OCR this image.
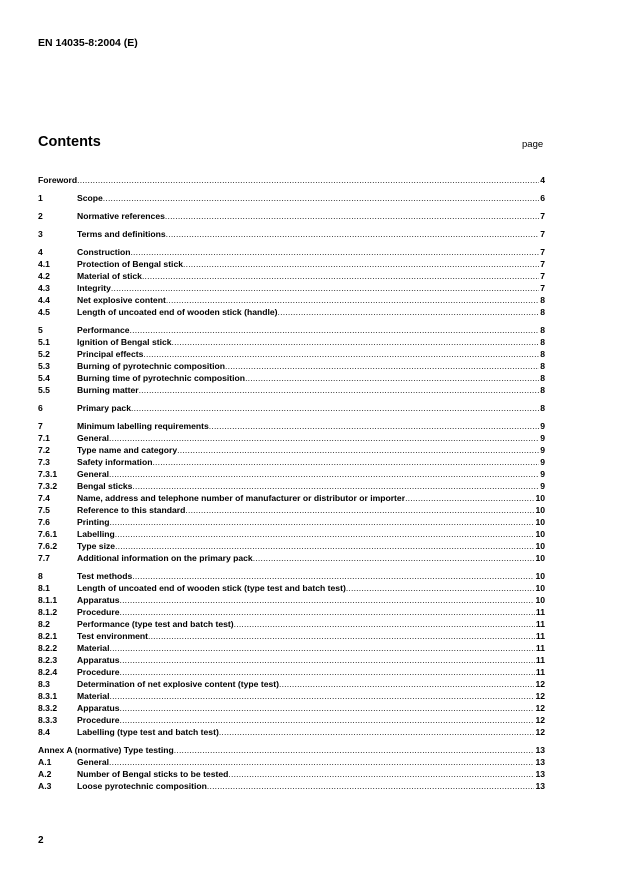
EN 14035-8:2004 (E)
Contents	page
Foreword .....	4
1	Scope .....	6
2	Normative references .....	7
3	Terms and definitions .....	7
4	Construction .....	7
4.1	Protection of Bengal stick .....	7
4.2	Material of stick .....	7
4.3	Integrity .....	7
4.4	Net explosive content .....	8
4.5	Length of uncoated end of wooden stick (handle) .....	8
5	Performance .....	8
5.1	Ignition of Bengal stick .....	8
5.2	Principal effects .....	8
5.3	Burning of pyrotechnic composition .....	8
5.4	Burning time of pyrotechnic composition .....	8
5.5	Burning matter .....	8
6	Primary pack .....	8
7	Minimum labelling requirements .....	9
7.1	General .....	9
7.2	Type name and category .....	9
7.3	Safety information .....	9
7.3.1	General .....	9
7.3.2	Bengal sticks .....	9
7.4	Name, address and telephone number of manufacturer or distributor or importer .....	10
7.5	Reference to this standard .....	10
7.6	Printing .....	10
7.6.1	Labelling .....	10
7.6.2	Type size .....	10
7.7	Additional information on the primary pack .....	10
8	Test methods .....	10
8.1	Length of uncoated end of wooden stick (type test and batch test) .....	10
8.1.1	Apparatus .....	10
8.1.2	Procedure .....	11
8.2	Performance (type test and batch test) .....	11
8.2.1	Test environment .....	11
8.2.2	Material .....	11
8.2.3	Apparatus .....	11
8.2.4	Procedure .....	11
8.3	Determination of net explosive content (type test) .....	12
8.3.1	Material .....	12
8.3.2	Apparatus .....	12
8.3.3	Procedure .....	12
8.4	Labelling (type test and batch test) .....	12
Annex A (normative) Type testing .....	13
A.1	General .....	13
A.2	Number of Bengal sticks to be tested .....	13
A.3	Loose pyrotechnic composition .....	13
2
